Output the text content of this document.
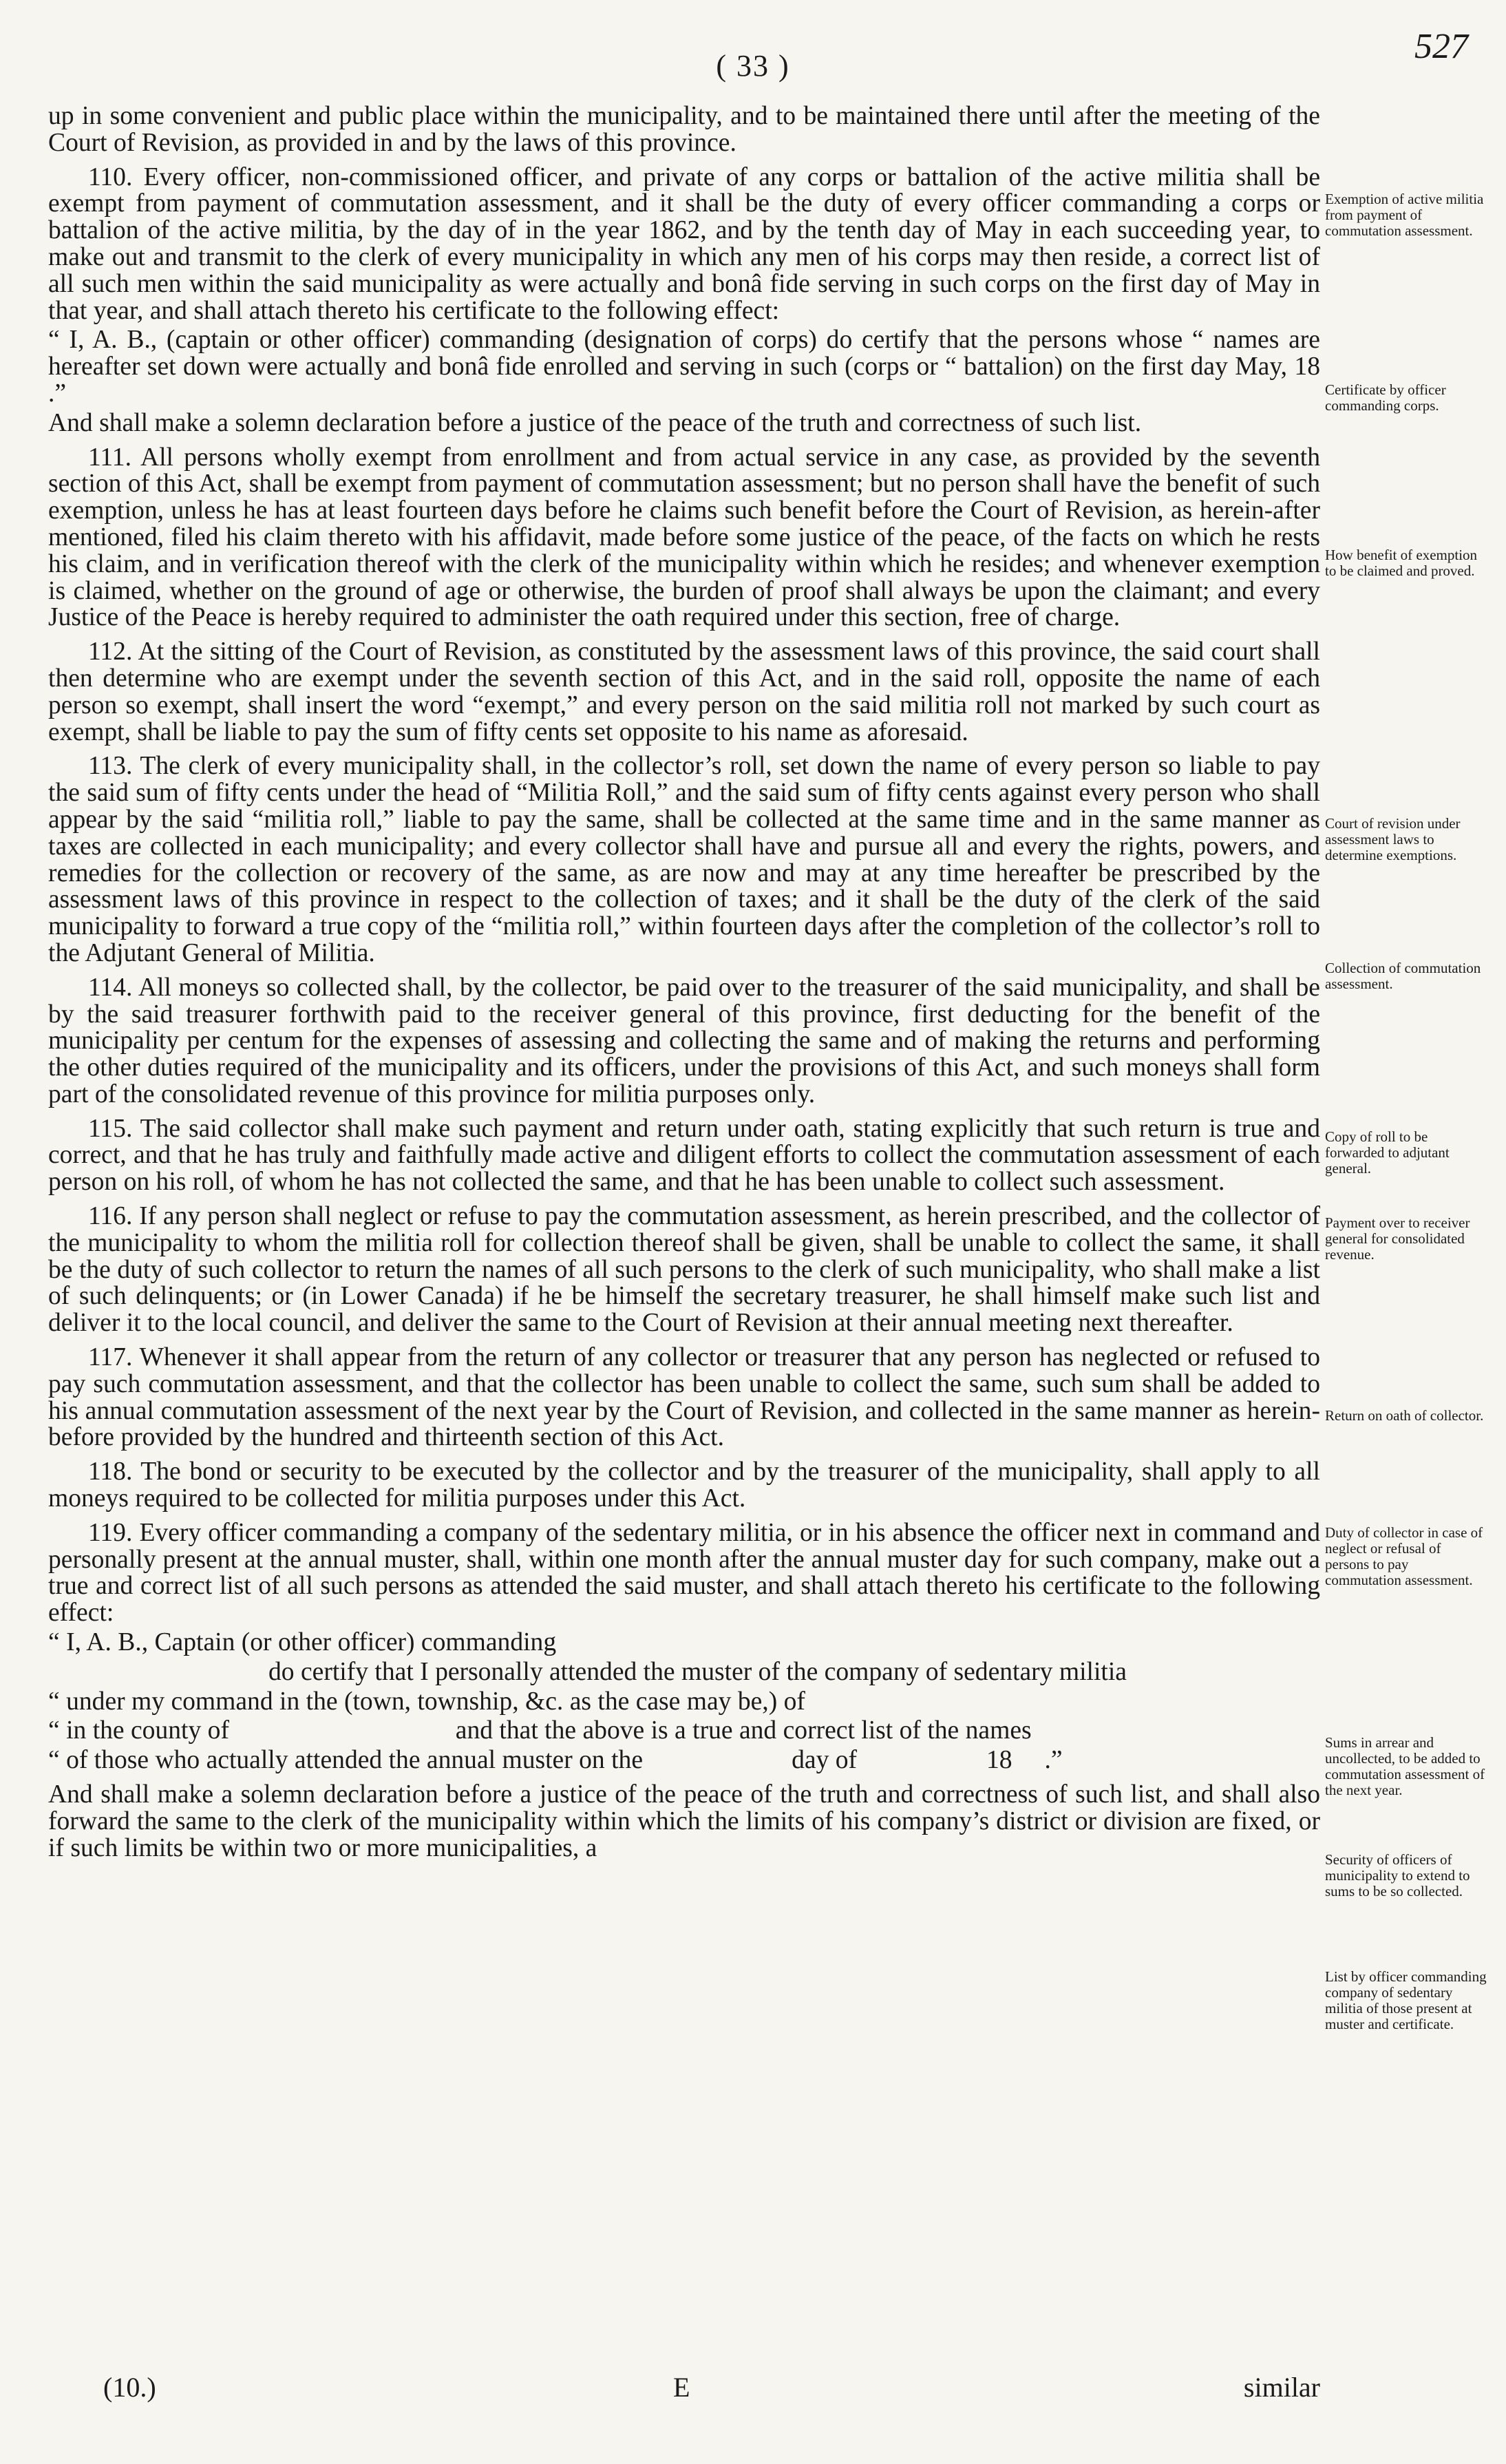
( 33 )	527

up in some convenient and public place within the municipality, and to be maintained there until after the meeting of the Court of Revision, as provided in and by the laws of this province.

110. Every officer, non-commissioned officer, and private of any corps or battalion of the active militia shall be exempt from payment of commutation assessment, and it shall be the duty of every officer commanding a corps or battalion of the active militia, by the day of in the year 1862, and by the tenth day of May in each succeeding year, to make out and transmit to the clerk of every municipality in which any men of his corps may then reside, a correct list of all such men within the said municipality as were actually and bonâ fide serving in such corps on the first day of May in that year, and shall attach thereto his certificate to the following effect:

“ I, A. B., (captain or other officer) commanding (designation of corps) do certify that the persons whose “ names are hereafter set down were actually and bonâ fide enrolled and serving in such (corps or “ battalion) on the first day May, 18 .”

And shall make a solemn declaration before a justice of the peace of the truth and correctness of such list.

111. All persons wholly exempt from enrollment and from actual service in any case, as provided by the seventh section of this Act, shall be exempt from payment of commutation assessment; but no person shall have the benefit of such exemption, unless he has at least fourteen days before he claims such benefit before the Court of Revision, as herein-after mentioned, filed his claim thereto with his affidavit, made before some justice of the peace, of the facts on which he rests his claim, and in verification thereof with the clerk of the municipality within which he resides; and whenever exemption is claimed, whether on the ground of age or otherwise, the burden of proof shall always be upon the claimant; and every Justice of the Peace is hereby required to administer the oath required under this section, free of charge.

112. At the sitting of the Court of Revision, as constituted by the assessment laws of this province, the said court shall then determine who are exempt under the seventh section of this Act, and in the said roll, opposite the name of each person so exempt, shall insert the word “exempt,” and every person on the said militia roll not marked by such court as exempt, shall be liable to pay the sum of fifty cents set opposite to his name as aforesaid.

113. The clerk of every municipality shall, in the collector’s roll, set down the name of every person so liable to pay the said sum of fifty cents under the head of “Militia Roll,” and the said sum of fifty cents against every person who shall appear by the said “militia roll,” liable to pay the same, shall be collected at the same time and in the same manner as taxes are collected in each municipality; and every collector shall have and pursue all and every the rights, powers, and remedies for the collection or recovery of the same, as are now and may at any time hereafter be prescribed by the assessment laws of this province in respect to the collection of taxes; and it shall be the duty of the clerk of the said municipality to forward a true copy of the “militia roll,” within fourteen days after the completion of the collector’s roll to the Adjutant General of Militia.

114. All moneys so collected shall, by the collector, be paid over to the treasurer of the said municipality, and shall be by the said treasurer forthwith paid to the receiver general of this province, first deducting for the benefit of the municipality per centum for the expenses of assessing and collecting the same and of making the returns and performing the other duties required of the municipality and its officers, under the provisions of this Act, and such moneys shall form part of the consolidated revenue of this province for militia purposes only.

115. The said collector shall make such payment and return under oath, stating explicitly that such return is true and correct, and that he has truly and faithfully made active and diligent efforts to collect the commutation assessment of each person on his roll, of whom he has not collected the same, and that he has been unable to collect such assessment.

116. If any person shall neglect or refuse to pay the commutation assessment, as herein prescribed, and the collector of the municipality to whom the militia roll for collection thereof shall be given, shall be unable to collect the same, it shall be the duty of such collector to return the names of all such persons to the clerk of such municipality, who shall make a list of such delinquents; or (in Lower Canada) if he be himself the secretary treasurer, he shall himself make such list and deliver it to the local council, and deliver the same to the Court of Revision at their annual meeting next thereafter.

117. Whenever it shall appear from the return of any collector or treasurer that any person has neglected or refused to pay such commutation assessment, and that the collector has been unable to collect the same, such sum shall be added to his annual commutation assessment of the next year by the Court of Revision, and collected in the same manner as herein-before provided by the hundred and thirteenth section of this Act.

118. The bond or security to be executed by the collector and by the treasurer of the municipality, shall apply to all moneys required to be collected for militia purposes under this Act.

119. Every officer commanding a company of the sedentary militia, or in his absence the officer next in command and personally present at the annual muster, shall, within one month after the annual muster day for such company, make out a true and correct list of all such persons as attended the said muster, and shall attach thereto his certificate to the following effect:

“ I, A. B., Captain (or other officer) commanding

do certify that I personally attended the muster of the company of sedentary militia

“ under my command in the (town, township, &c. as the case may be,) of

“ in the county of                                   and that the above is a true and correct list of the names

“ of those who actually attended the annual muster on the                       day of                    18     .”

And shall make a solemn declaration before a justice of the peace of the truth and correctness of such list, and shall also forward the same to the clerk of the municipality within which the limits of his company’s district or division are fixed, or if such limits be within two or more municipalities, a

Exemption of active militia from payment of commutation assessment.
Certificate by officer commanding corps.
How benefit of exemption to be claimed and proved.
Court of revision under assessment laws to determine exemptions.
Collection of commutation assessment.
Copy of roll to be forwarded to adjutant general.
Payment over to receiver general for consolidated revenue.
Return on oath of collector.
Duty of collector in case of neglect or refusal of persons to pay commutation assessment.
Sums in arrear and uncollected, to be added to commutation assessment of the next year.
Security of officers of municipality to extend to sums to be so collected.
List by officer commanding company of sedentary militia of those present at muster and certificate.
(10.)	E	similar
